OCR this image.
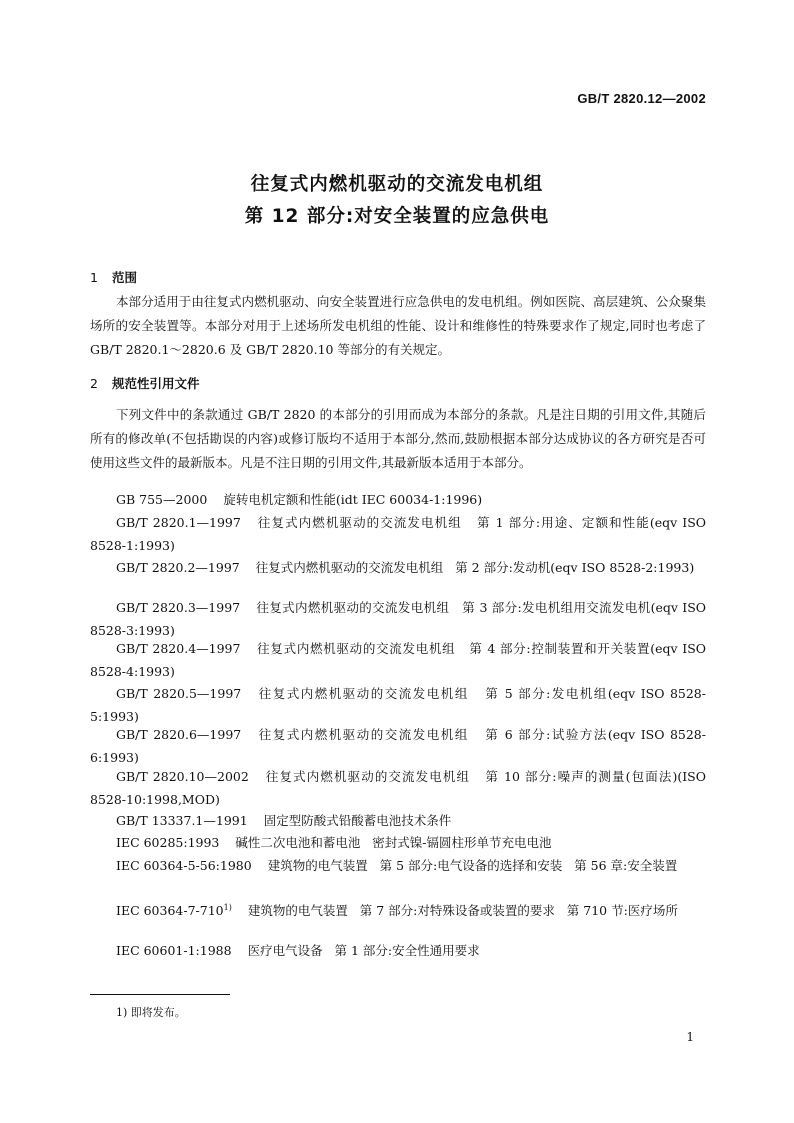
GB/T 2820.12—2002
往复式内燃机驱动的交流发电机组
第 12 部分:对安全装置的应急供电
1 范围
本部分适用于由往复式内燃机驱动、向安全装置进行应急供电的发电机组。例如医院、高层建筑、公众聚集场所的安全装置等。本部分对用于上述场所发电机组的性能、设计和维修性的特殊要求作了规定,同时也考虑了 GB/T 2820.1～2820.6 及 GB/T 2820.10 等部分的有关规定。
2 规范性引用文件
下列文件中的条款通过 GB/T 2820 的本部分的引用而成为本部分的条款。凡是注日期的引用文件,其随后所有的修改单(不包括勘误的内容)或修订版均不适用于本部分,然而,鼓励根据本部分达成协议的各方研究是否可使用这些文件的最新版本。凡是不注日期的引用文件,其最新版本适用于本部分。
GB 755—2000 旋转电机定额和性能(idt IEC 60034-1:1996)
GB/T 2820.1—1997 往复式内燃机驱动的交流发电机组   第 1 部分:用途、定额和性能(eqv ISO 8528-1:1993)
GB/T 2820.2—1997 往复式内燃机驱动的交流发电机组   第 2 部分:发动机(eqv ISO 8528-2:1993)
GB/T 2820.3—1997 往复式内燃机驱动的交流发电机组   第 3 部分:发电机组用交流发电机(eqv ISO 8528-3:1993)
GB/T 2820.4—1997 往复式内燃机驱动的交流发电机组   第 4 部分:控制装置和开关装置(eqv ISO 8528-4:1993)
GB/T 2820.5—1997 往复式内燃机驱动的交流发电机组   第 5 部分:发电机组(eqv ISO 8528-5:1993)
GB/T 2820.6—1997 往复式内燃机驱动的交流发电机组   第 6 部分:试验方法(eqv ISO 8528-6:1993)
GB/T 2820.10—2002 往复式内燃机驱动的交流发电机组   第 10 部分:噪声的测量(包面法)(ISO 8528-10:1998,MOD)
GB/T 13337.1—1991 固定型防酸式铅酸蓄电池技术条件
IEC 60285:1993 碱性二次电池和蓄电池   密封式镍-镉圆柱形单节充电电池
IEC 60364-5-56:1980 建筑物的电气装置   第 5 部分:电气设备的选择和安装   第 56 章:安全装置
IEC 60364-7-710$^{1)}$ 建筑物的电气装置   第 7 部分:对特殊设备或装置的要求   第 710 节:医疗场所
IEC 60601-1:1988 医疗电气设备   第 1 部分:安全性通用要求
1) 即将发布。
1
